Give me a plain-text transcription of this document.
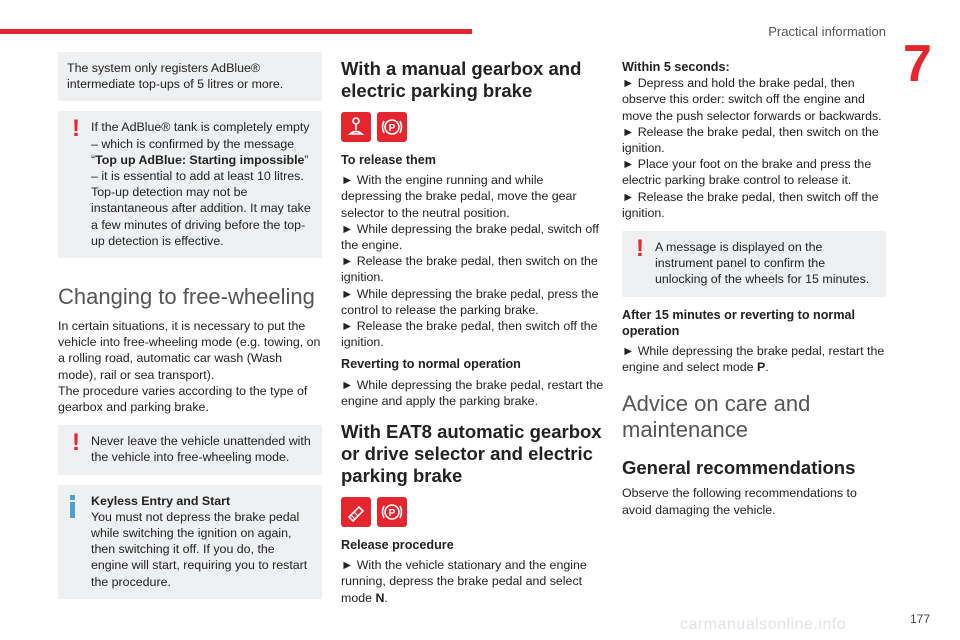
Practical information
7

The system only registers AdBlue® intermediate top-ups of 5 litres or more.

! If the AdBlue® tank is completely empty – which is confirmed by the message “Top up AdBlue: Starting impossible” – it is essential to add at least 10 litres.

Top-up detection may not be instantaneous after addition. It may take a few minutes of driving before the top-up detection is effective.

Changing to free-wheeling

In certain situations, it is necessary to put the vehicle into free-wheeling mode (e.g. towing, on a rolling road, automatic car wash (Wash mode), rail or sea transport).

The procedure varies according to the type of gearbox and parking brake.

! Never leave the vehicle unattended with the vehicle into free-wheeling mode.

Keyless Entry and Start

You must not depress the brake pedal while switching the ignition on again, then switching it off. If you do, the engine will start, requiring you to restart the procedure.

With a manual gearbox and electric parking brake
P
To release them

► With the engine running and while depressing the brake pedal, move the gear selector to the neutral position.

► While depressing the brake pedal, switch off the engine.

► Release the brake pedal, then switch on the ignition.

► While depressing the brake pedal, press the control to release the parking brake.

► Release the brake pedal, then switch off the ignition.

Reverting to normal operation

► While depressing the brake pedal, restart the engine and apply the parking brake.

With EAT8 automatic gearbox or drive selector and electric parking brake
P
Release procedure

► With the vehicle stationary and the engine running, depress the brake pedal and select mode N.

Within 5 seconds:

► Depress and hold the brake pedal, then observe this order: switch off the engine and move the push selector forwards or backwards.

► Release the brake pedal, then switch on the ignition.

► Place your foot on the brake and press the electric parking brake control to release it.

► Release the brake pedal, then switch off the ignition.

! A message is displayed on the instrument panel to confirm the unlocking of the wheels for 15 minutes.

After 15 minutes or reverting to normal operation

► While depressing the brake pedal, restart the engine and select mode P.

Advice on care and maintenance
General recommendations

Observe the following recommendations to avoid damaging the vehicle.

carmanualsonline.info	177
